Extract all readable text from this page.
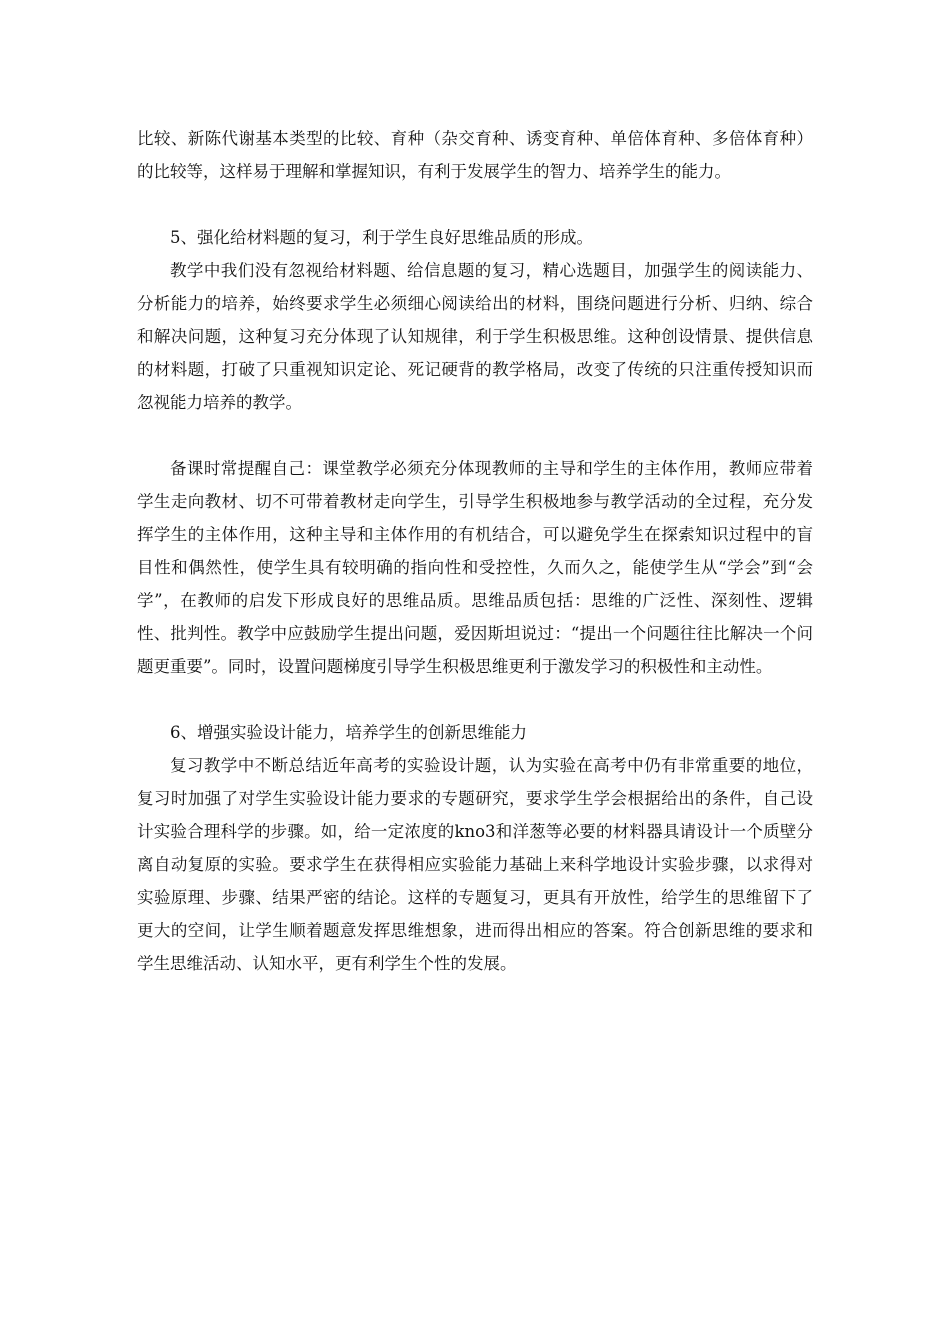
比较、新陈代谢基本类型的比较、育种（杂交育种、诱变育种、单倍体育种、多倍体育种）的比较等，这样易于理解和掌握知识，有利于发展学生的智力、培养学生的能力。

5、强化给材料题的复习，利于学生良好思维品质的形成。

教学中我们没有忽视给材料题、给信息题的复习，精心选题目，加强学生的阅读能力、分析能力的培养，始终要求学生必须细心阅读给出的材料，围绕问题进行分析、归纳、综合和解决问题，这种复习充分体现了认知规律，利于学生积极思维。这种创设情景、提供信息的材料题，打破了只重视知识定论、死记硬背的教学格局，改变了传统的只注重传授知识而忽视能力培养的教学。

备课时常提醒自己：课堂教学必须充分体现教师的主导和学生的主体作用，教师应带着学生走向教材、切不可带着教材走向学生，引导学生积极地参与教学活动的全过程，充分发挥学生的主体作用，这种主导和主体作用的有机结合，可以避免学生在探索知识过程中的盲目性和偶然性，使学生具有较明确的指向性和受控性，久而久之，能使学生从“学会”到“会学”，在教师的启发下形成良好的思维品质。思维品质包括：思维的广泛性、深刻性、逻辑性、批判性。教学中应鼓励学生提出问题，爱因斯坦说过：“提出一个问题往往比解决一个问题更重要”。同时，设置问题梯度引导学生积极思维更利于激发学习的积极性和主动性。

6、增强实验设计能力，培养学生的创新思维能力

复习教学中不断总结近年高考的实验设计题，认为实验在高考中仍有非常重要的地位，复习时加强了对学生实验设计能力要求的专题研究，要求学生学会根据给出的条件，自己设计实验合理科学的步骤。如，给一定浓度的kno3和洋葱等必要的材料器具请设计一个质壁分离自动复原的实验。要求学生在获得相应实验能力基础上来科学地设计实验步骤，以求得对实验原理、步骤、结果严密的结论。这样的专题复习，更具有开放性，给学生的思维留下了更大的空间，让学生顺着题意发挥思维想象，进而得出相应的答案。符合创新思维的要求和学生思维活动、认知水平，更有利学生个性的发展。
